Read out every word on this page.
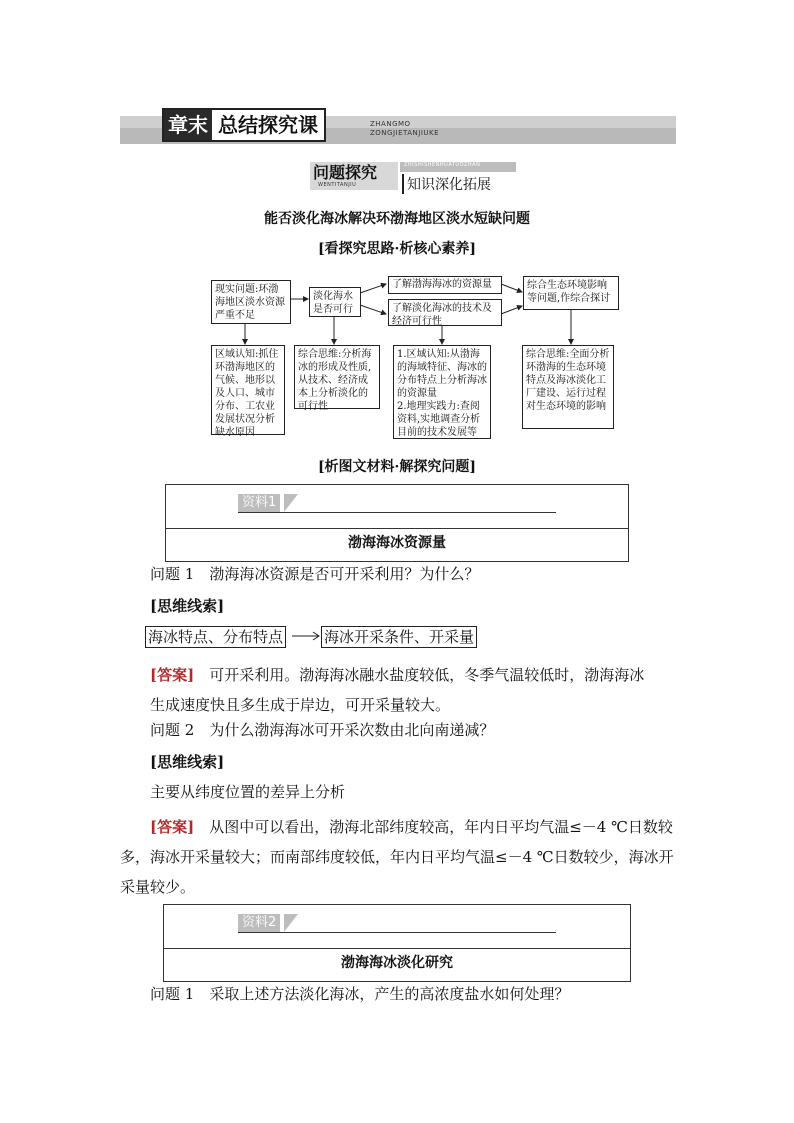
章末 总结探究课	ZHANGMO
ZONGJIETANJIUKE
问题探究
WENTITANJIU
ZHISHISHENHUATUOZHAN
知识深化拓展
能否淡化海冰解决环渤海地区淡水短缺问题
[看探究思路·析核心素养]
现实问题:环渤海地区淡水资源严重不足
淡化海水是否可行
了解渤海海冰的资源量
了解淡化海冰的技术及经济可行性
综合生态环境影响等问题,作综合探讨
区域认知:抓住环渤海地区的气候、地形以及人口、城市分布、工农业发展状况分析缺水原因
综合思维:分析海冰的形成及性质,从技术、经济成本上分析淡化的可行性
1.区域认知:从渤海的海域特征、海冰的分布特点上分析海冰的资源量
2.地理实践力:查阅资料,实地调查分析目前的技术发展等
综合思维:全面分析环渤海的生态环境特点及海冰淡化工厂建设、运行过程对生态环境的影响
[析图文材料·解探究问题]
资料1
渤海海冰资源量
问题 1　 渤海海冰资源是否可开采利用？为什么？
[思维线索]
海冰特点、分布特点	海冰开采条件、开采量
[答案]　 可开采利用。渤海海冰融水盐度较低，冬季气温较低时，渤海海冰生成速度快且多生成于岸边，可开采量较大。
问题 2　 为什么渤海海冰可开采次数由北向南递减？
[思维线索]
主要从纬度位置的差异上分析
[答案]　 从图中可以看出，渤海北部纬度较高，年内日平均气温≤－4 ℃日数较多，海冰开采量较大；而南部纬度较低，年内日平均气温≤－4 ℃日数较少，海冰开采量较少。
资料2
渤海海冰淡化研究
问题 1　 采取上述方法淡化海冰，产生的高浓度盐水如何处理？
